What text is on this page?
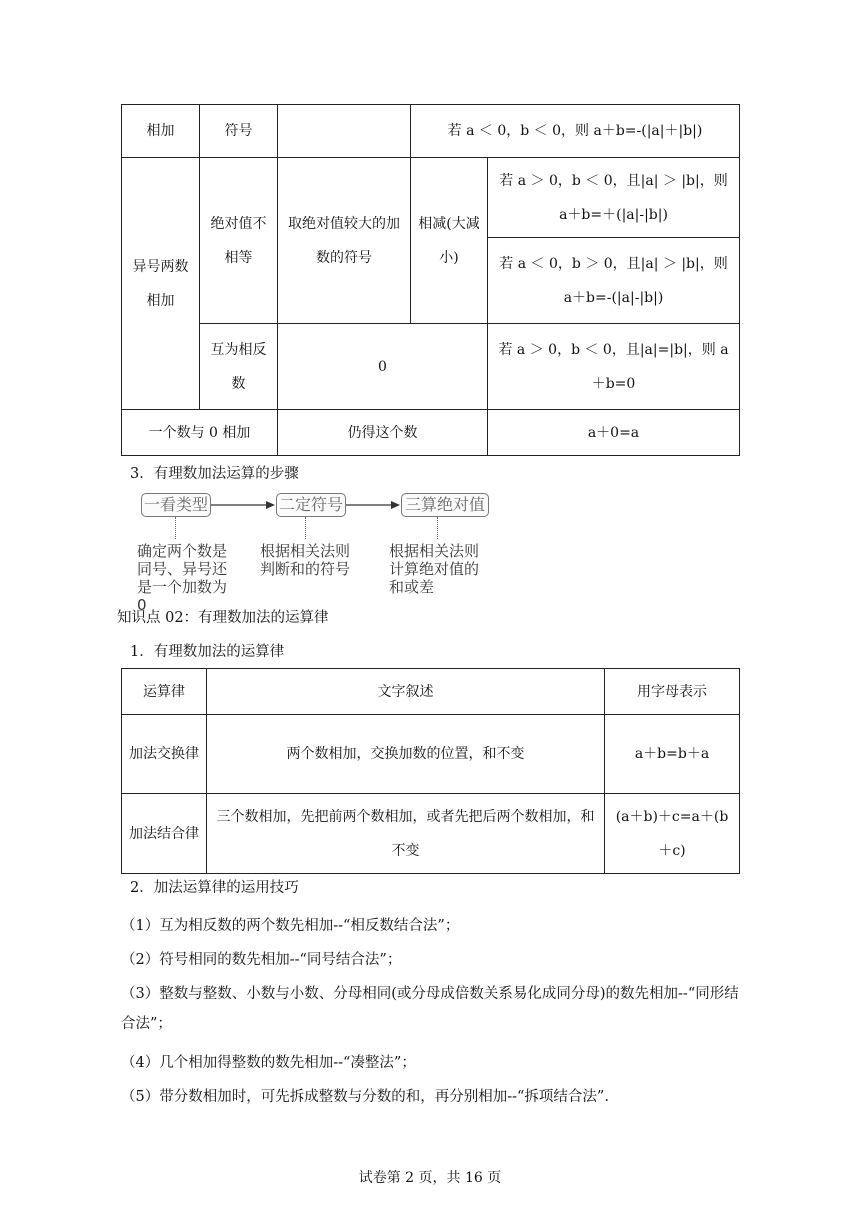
相加	符号		若 a ＜ 0，b ＜ 0，则 a＋b=-(|a|＋|b|)	
异号两数相加	绝对值不相等	取绝对值较大的加数的符号	相减(大减小)	若 a ＞ 0，b ＜ 0，且|a| ＞ |b|，则 a＋b=＋(|a|-|b|)
				若 a ＜ 0，b ＞ 0，且|a| ＞ |b|，则 a＋b=-(|a|-|b|)
	互为相反数	0		若 a ＞ 0，b ＜ 0，且|a|=|b|，则 a＋b=0
一个数与 0 相加		仍得这个数		a＋0=a
3．有理数加法运算的步骤
一看类型	二定符号	三算绝对值
确定两个数是同号、异号还是一个加数为0
根据相关法则判断和的符号
根据相关法则计算绝对值的和或差
知识点 02：有理数加法的运算律
1．有理数加法的运算律
运算律	文字叙述	用字母表示
加法交换律	两个数相加，交换加数的位置，和不变	a＋b=b＋a
加法结合律	三个数相加，先把前两个数相加，或者先把后两个数相加，和不变	(a＋b)＋c=a＋(b＋c)
2．加法运算律的运用技巧
（1）互为相反数的两个数先相加--“相反数结合法”；
（2）符号相同的数先相加--“同号结合法”；
（3）整数与整数、小数与小数、分母相同(或分母成倍数关系易化成同分母)的数先相加--“同形结合法”；
（4）几个相加得整数的数先相加--“凑整法”；
（5）带分数相加时，可先拆成整数与分数的和，再分别相加--“拆项结合法”.
试卷第 2 页，共 16 页
